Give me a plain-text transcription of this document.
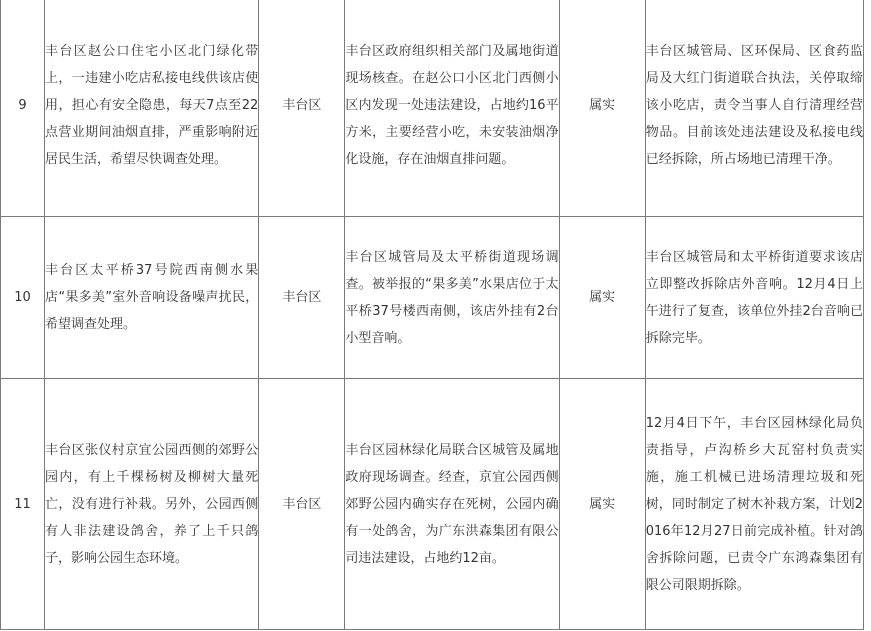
9	丰台区赵公口住宅小区北门绿化带上，一违建小吃店私接电线供该店使用，担心有安全隐患，每天7点至22点营业期间油烟直排，严重影响附近居民生活，希望尽快调查处理。	丰台区	丰台区政府组织相关部门及属地街道现场核查。在赵公口小区北门西侧小区内发现一处违法建设，占地约16平方米，主要经营小吃，未安装油烟净化设施，存在油烟直排问题。	属实	丰台区城管局、区环保局、区食药监局及大红门街道联合执法，关停取缔该小吃店，责令当事人自行清理经营物品。目前该处违法建设及私接电线已经拆除，所占场地已清理干净。

10	丰台区太平桥37号院西南侧水果店“果多美”室外音响设备噪声扰民，希望调查处理。	丰台区	丰台区城管局及太平桥街道现场调查。被举报的“果多美”水果店位于太平桥37号楼西南侧，该店外挂有2台小型音响。	属实	丰台区城管局和太平桥街道要求该店立即整改拆除店外音响。12月4日上午进行了复查，该单位外挂2台音响已拆除完毕。

11	丰台区张仪村京宜公园西侧的郊野公园内，有上千棵杨树及柳树大量死亡，没有进行补栽。另外，公园西侧有人非法建设鸽舍，养了上千只鸽子，影响公园生态环境。	丰台区	丰台区园林绿化局联合区城管及属地政府现场调查。经查，京宜公园西侧郊野公园内确实存在死树，公园内确有一处鸽舍，为广东洪森集团有限公司违法建设，占地约12亩。	属实	12月4日下午，丰台区园林绿化局负责指导，卢沟桥乡大瓦窑村负责实施，施工机械已进场清理垃圾和死树，同时制定了树木补栽方案，计划2016年12月27日前完成补植。针对鸽舍拆除问题，已责令广东鸿森集团有限公司限期拆除。
